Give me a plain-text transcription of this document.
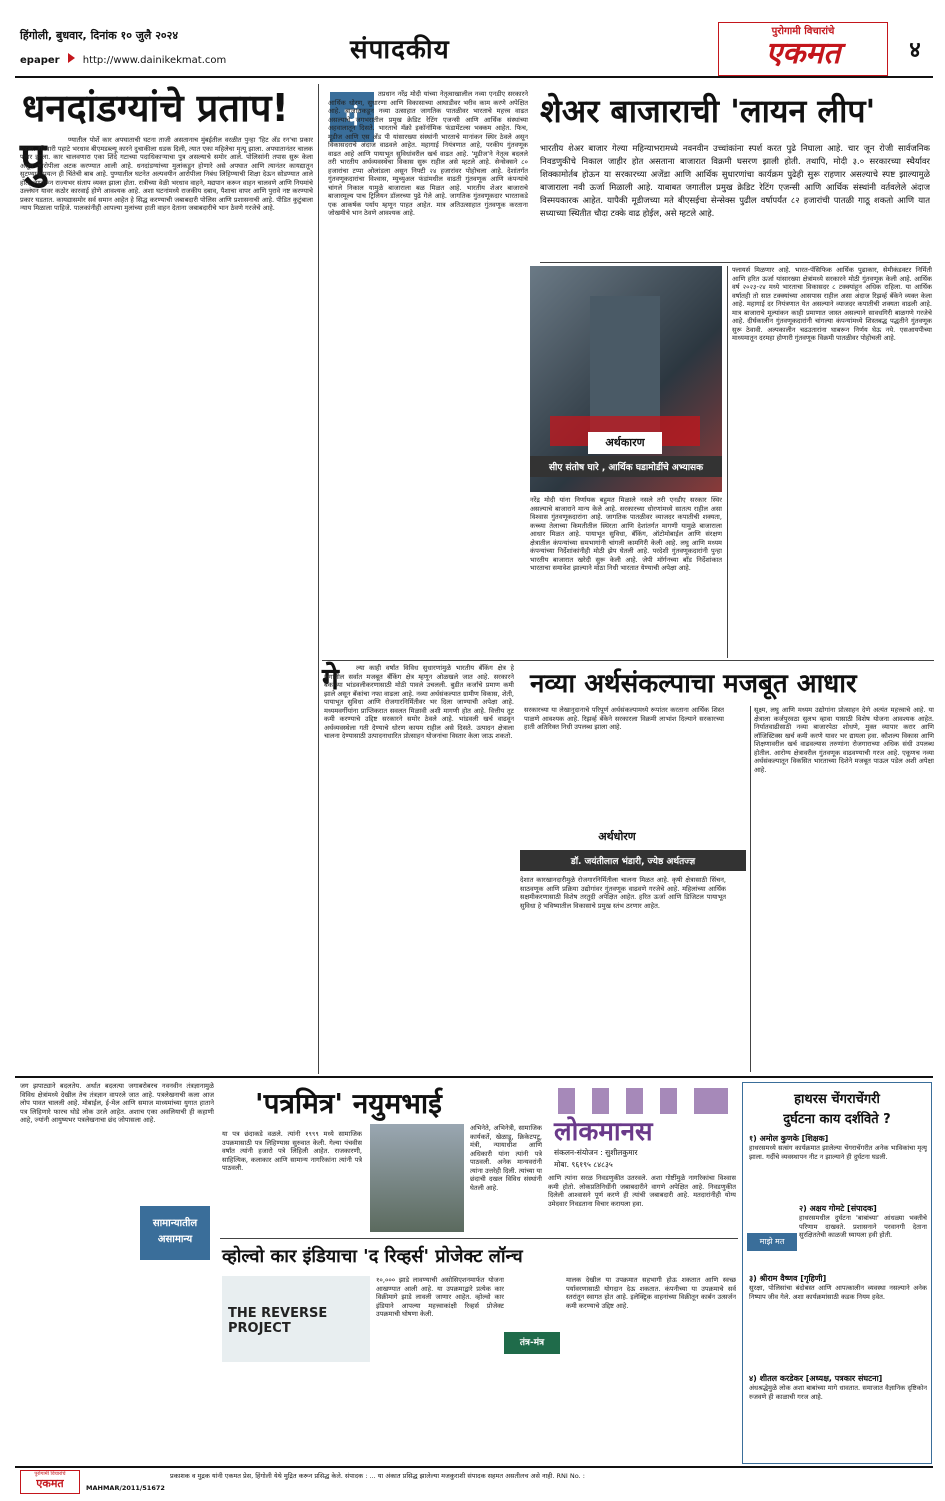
हिंगोली, बुधवार, दिनांक १० जुलै २०२४
epaper http://www.dainikekmat.com	संपादकीय
पुरोगामी विचारांचे
एकमत	४
धनदांडग्यांचे प्रताप!
पु	ण्यातील पोर्शे कार अपघाताची घटना ताजी असतानाच मुंबईतील वरळीत पुन्हा 'हिट अँड रन'चा प्रकार घडला. रविवारी पहाटे भरधाव बीएमडब्ल्यू कारने दुचाकीला धडक दिली, त्यात एका महिलेचा मृत्यू झाला. अपघातानंतर चालक फरार झाला. कार चालवणारा एका शिंदे गटाच्या पदाधिकाऱ्याचा पुत्र असल्याचे समोर आले. पोलिसांनी तपास सुरू केला असून आरोपीला अटक करण्यात आली आहे. धनदांडग्यांच्या मुलांकडून होणारे असे अपघात आणि त्यानंतर कायद्यातून सुटण्याचे प्रयत्न ही चिंतेची बाब आहे. पुण्यातील घटनेत अल्पवयीन आरोपीला निबंध लिहिण्याची शिक्षा देऊन सोडण्यात आले होते, त्यावरून राज्यभर संताप व्यक्त झाला होता. रात्रीच्या वेळी भरधाव वाहने, मद्यपान करून वाहन चालवणे आणि नियमांचे उल्लंघन यावर कठोर कारवाई होणे आवश्यक आहे. अशा घटनांमध्ये राजकीय दबाव, पैशाचा वापर आणि पुरावे नष्ट करण्याचे प्रकार घडतात. कायद्यासमोर सर्व समान आहेत हे सिद्ध करण्याची जबाबदारी पोलिस आणि प्रशासनाची आहे. पीडित कुटुंबाला न्याय मिळाला पाहिजे. पालकांनीही आपल्या मुलांच्या हाती वाहन देताना जबाबदारीचे भान ठेवणे गरजेचे आहे.
पं
तप्रधान नरेंद्र मोदी यांच्या नेतृत्वाखालील नव्या एनडीए सरकारने आर्थिक धोरण, सुधारणा आणि विकासाच्या आघाडीवर भरीव काम करणे अपेक्षित आहे. बाजाराकडून नव्या उत्साहात जागतिक पातळीवर भारताचे महत्त्व वाढत असल्याचे जगभरातील प्रमुख क्रेडिट रेटिंग एजन्सी आणि आर्थिक संस्थांच्या अहवालातून दिसते. भारताचे मॅक्रो इकॉनॉमिक फंडामेंटल्स भक्कम आहेत. फिच, मूडीज आणि एस अँड पी यांसारख्या संस्थांनी भारताचे मानांकन स्थिर ठेवले असून विकासदराचे अंदाज वाढवले आहेत. महागाई नियंत्रणात आहे, परकीय गुंतवणूक वाढत आहे आणि पायाभूत सुविधांवरील खर्च वाढत आहे. 'मूडीज'ने नेतृत्व बदलले तरी भारतीय अर्थव्यवस्थेचा विकास सुरू राहील असे म्हटले आहे. सेन्सेक्सने ८० हजारांचा टप्पा ओलांडला असून निफ्टी २४ हजारांवर पोहोचला आहे. देशांतर्गत गुंतवणूकदारांचा विश्वास, म्युच्युअल फंडांमधील वाढती गुंतवणूक आणि कंपन्यांचे चांगले निकाल यामुळे बाजाराला बळ मिळत आहे. भारतीय शेअर बाजाराचे बाजारमूल्य पाच ट्रिलियन डॉलरच्या पुढे गेले आहे. जागतिक गुंतवणूकदार भारताकडे एक आकर्षक पर्याय म्हणून पाहत आहेत. मात्र अतिउत्साहात गुंतवणूक करताना जोखमीचे भान ठेवणे आवश्यक आहे.
शेअर बाजाराची 'लायन लीप'
भारतीय शेअर बाजार गेल्या महिन्याभरामध्ये नवनवीन उच्चांकांना स्पर्श करत पुढे निघाला आहे. चार जून रोजी सार्वजनिक निवडणुकीचे निकाल जाहीर होत असताना बाजारात विक्रमी घसरण झाली होती. तथापि, मोदी ३.० सरकारच्या स्थैर्यावर शिक्कामोर्तब होऊन या सरकारच्या अजेंडा आणि आर्थिक सुधारणांचा कार्यक्रम पुढेही सुरू राहणार असल्याचे स्पष्ट झाल्यामुळे बाजाराला नवी ऊर्जा मिळाली आहे. याबाबत जगातील प्रमुख क्रेडिट रेटिंग एजन्सी आणि आर्थिक संस्थांनी वर्तवलेले अंदाज विस्मयकारक आहेत. यापैकी मूडीजच्या मते बीएसईचा सेन्सेक्स पुढील वर्षापर्यंत ८२ हजारांची पातळी गाठू शकतो आणि यात सध्याच्या स्थितीत चौदा टक्के वाढ होईल, असे म्हटले आहे.
अर्थकारण
सीए संतोष घारे , आर्थिक घडामोडींचे अभ्यासक
नरेंद्र मोदी यांना निर्णायक बहुमत मिळाले नसले तरी एनडीए सरकार स्थिर असल्याचे बाजाराने मान्य केले आहे. सरकारच्या धोरणांमध्ये सातत्य राहील असा विश्वास गुंतवणूकदारांना आहे. जागतिक पातळीवर व्याजदर कपातीची शक्यता, कच्च्या तेलाच्या किमतीतील स्थिरता आणि देशांतर्गत मागणी यामुळे बाजाराला आधार मिळत आहे. पायाभूत सुविधा, बँकिंग, ऑटोमोबाईल आणि संरक्षण क्षेत्रातील कंपन्यांच्या समभागांनी चांगली कामगिरी केली आहे. लघु आणि मध्यम कंपन्यांच्या निर्देशांकांनीही मोठी झेप घेतली आहे. परदेशी गुंतवणूकदारांनी पुन्हा भारतीय बाजारात खरेदी सुरू केली आहे. जेपी मॉर्गनच्या बाँड निर्देशांकात भारताचा समावेश झाल्याने मोठा निधी भारतात येण्याची अपेक्षा आहे.
फ्लायर्स मिळणार आहे. भारत-पॅसिफिक आर्थिक पुढाकार, सेमीकंडक्टर निर्मिती आणि हरित ऊर्जा यांसारख्या क्षेत्रांमध्ये सरकारने मोठी गुंतवणूक केली आहे. आर्थिक वर्ष २०२३-२४ मध्ये भारताचा विकासदर ८ टक्क्यांहून अधिक राहिला. या आर्थिक वर्षातही तो सात टक्क्यांच्या आसपास राहील असा अंदाज रिझर्व्ह बँकेने व्यक्त केला आहे. महागाई दर नियंत्रणात येत असल्याने व्याजदर कपातीची शक्यता वाढली आहे. मात्र बाजाराचे मूल्यांकन काही प्रमाणात जास्त असल्याने सावधगिरी बाळगणे गरजेचे आहे. दीर्घकालीन गुंतवणूकदारांनी चांगल्या कंपन्यांमध्ये शिस्तबद्ध पद्धतीने गुंतवणूक सुरू ठेवावी. अल्पकालीन चढउतारांना घाबरून निर्णय घेऊ नये. एसआयपीच्या माध्यमातून दरमहा होणारी गुंतवणूक विक्रमी पातळीवर पोहोचली आहे.
गे	ल्या काही वर्षांत विविध सुधारणांमुळे भारतीय बँकिंग क्षेत्र हे जगातील सर्वात मजबूत बँकिंग क्षेत्र म्हणून ओळखले जात आहे. सरकारने बँकांच्या भांडवलीकरणासाठी मोठी पावले उचलली. बुडीत कर्जांचे प्रमाण कमी झाले असून बँकांचा नफा वाढला आहे. नव्या अर्थसंकल्पात ग्रामीण विकास, शेती, पायाभूत सुविधा आणि रोजगारनिर्मितीवर भर दिला जाण्याची अपेक्षा आहे. मध्यमवर्गीयांना प्राप्तिकरात सवलत मिळावी अशी मागणी होत आहे. वित्तीय तूट कमी करण्याचे उद्दिष्ट सरकारने समोर ठेवले आहे. भांडवली खर्च वाढवून अर्थव्यवस्थेला गती देण्याचे धोरण कायम राहील असे दिसते. उत्पादन क्षेत्राला चालना देण्यासाठी उत्पादनाधारित प्रोत्साहन योजनांचा विस्तार केला जाऊ शकतो.
नव्या अर्थसंकल्पाचा मजबूत आधार
सरकारच्या या लेखानुदानाचे परिपूर्ण अर्थसंकल्पामध्ये रूपांतर करताना आर्थिक शिस्त पाळणे आवश्यक आहे. रिझर्व्ह बँकेने सरकारला विक्रमी लाभांश दिल्याने सरकारच्या हाती अतिरिक्त निधी उपलब्ध झाला आहे.
अर्थधोरण
डॉ. जयंतीलाल भंडारी, ज्येष्ठ अर्थतज्ज्ञ
देशात कारखानदारीमुळे रोजगारनिर्मितीला चालना मिळत आहे. कृषी क्षेत्रासाठी सिंचन, साठवणूक आणि प्रक्रिया उद्योगांवर गुंतवणूक वाढवणे गरजेचे आहे. महिलांच्या आर्थिक सक्षमीकरणासाठी विशेष तरतुदी अपेक्षित आहेत. हरित ऊर्जा आणि डिजिटल पायाभूत सुविधा हे भविष्यातील विकासाचे प्रमुख स्तंभ ठरणार आहेत.
सूक्ष्म, लघु आणि मध्यम उद्योगांना प्रोत्साहन देणे अत्यंत महत्त्वाचे आहे. या क्षेत्राला कर्जपुरवठा सुलभ व्हावा यासाठी विशेष योजना आवश्यक आहेत. निर्यातवाढीसाठी नव्या बाजारपेठा शोधणे, मुक्त व्यापार करार आणि लॉजिस्टिक्स खर्च कमी करणे यावर भर द्यायला हवा. कौशल्य विकास आणि शिक्षणावरील खर्च वाढवल्यास तरुणांना रोजगाराच्या अधिक संधी उपलब्ध होतील. आरोग्य क्षेत्रावरील गुंतवणूक वाढवण्याची गरज आहे. एकूणच नव्या अर्थसंकल्पातून विकसित भारताच्या दिशेने मजबूत पाऊल पडेल अशी अपेक्षा आहे.
जग झपाट्याने बदलतेय. अर्थात बदलत्या जगाबरोबरच नवनवीन तंत्रज्ञानामुळे विविध क्षेत्रांमध्ये देखील तेच तंत्रज्ञान वापरले जात आहे. पत्रलेखनाची कला आज लोप पावत चालली आहे. मोबाईल, ई-मेल आणि समाज माध्यमांच्या युगात हाताने पत्र लिहिणारे फारच थोडे लोक उरले आहेत. अशाच एका अवलियाची ही कहाणी आहे, ज्यांनी आयुष्यभर पत्रलेखनाचा छंद जोपासला आहे.
सामान्यातील
असामान्य
'पत्रमित्र' नयुमभाई
या पत्र छंदाकडे वळले. त्यांनी १९९९ मध्ये सामाजिक उपक्रमासाठी पत्र लिहिण्यास सुरुवात केली. गेल्या पंचवीस वर्षांत त्यांनी हजारो पत्रे लिहिली आहेत. राजकारणी, साहित्यिक, कलाकार आणि सामान्य नागरिकांना त्यांनी पत्रे पाठवली.
अभिनेते, अभिनेत्री, सामाजिक कार्यकर्ते, खेळाडू, क्रिकेटपटू, मंत्री, न्यायाधीश आणि अधिकारी यांना त्यांनी पत्रे पाठवली. अनेक मान्यवरांनी त्यांना उत्तरेही दिली. त्यांच्या या छंदाची दखल विविध संस्थांनी घेतली आहे.
लोकमानस
संकलन-संयोजन : सुशीलकुमार
मोबा. ९६१९५ ८४८३५
आणि त्यांना सरळ निवडणुकीत उतरवले. अशा गोष्टींमुळे नागरिकांचा विश्वास कमी होतो. लोकप्रतिनिधींनी जबाबदारीने वागणे अपेक्षित आहे. निवडणुकीत दिलेली आश्वासने पूर्ण करणे ही त्यांची जबाबदारी आहे. मतदारांनीही योग्य उमेदवार निवडताना विचार करायला हवा.
हाथरस चेंगराचेंगरी
दुर्घटना काय दर्शविते ?
माझे मत
१) अमोल कुणके [शिक्षक]
हाथरसमध्ये सत्संग कार्यक्रमात झालेल्या चेंगराचेंगरीत अनेक भाविकांचा मृत्यू झाला. गर्दीचे व्यवस्थापन नीट न झाल्याने ही दुर्घटना घडली.
२) अक्षय गोमटे [संपादक]
हाथरसमधील दुर्घटना 'बाबांच्या' आंधळ्या भक्तीचे परिणाम दाखवते. प्रशासनाने परवानगी देताना सुरक्षिततेची काळजी घ्यायला हवी होती.
३) श्रीराम वैष्णव [गृहिणी]
सुरक्षा, पोलिसांचा बंदोबस्त आणि आपत्कालीन व्यवस्था नसल्याने अनेक निष्पाप जीव गेले. अशा कार्यक्रमांसाठी कडक नियम हवेत.
४) शीतल करडेकर [अध्यक्ष, पत्रकार संघटना]
अंधश्रद्धेमुळे लोक अशा बाबांच्या मागे धावतात. समाजात वैज्ञानिक दृष्टिकोन रुजवणे ही काळाची गरज आहे.
व्होल्वो कार इंडियाचा 'द रिव्हर्स' प्रोजेक्ट लॉन्च
THE REVERSE PROJECT
१०,००० झाडे लावण्याची असोसिएशनमार्फत योजना आखण्यात आली आहे. या उपक्रमाद्वारे प्रत्येक कार विक्रीमागे झाडे लावली जाणार आहेत. व्होल्वो कार इंडियाने आपल्या महत्त्वाकांक्षी रिव्हर्स प्रोजेक्ट उपक्रमाची घोषणा केली.
तंत्र-मंत्र
मालक देखील या उपक्रमात सहभागी होऊ शकतात आणि स्वच्छ पर्यावरणासाठी योगदान देऊ शकतात. कंपनीच्या या उपक्रमाचे सर्व स्तरांतून स्वागत होत आहे. इलेक्ट्रिक वाहनांच्या विक्रीतून कार्बन उत्सर्जन कमी करण्याचे उद्दिष्ट आहे.
पुरोगामी विचारांचे
एकमत	MAHMAR/2011/51672
प्रकाशक व मुद्रक यांनी एकमत प्रेस, हिंगोली येथे मुद्रित करून प्रसिद्ध केले. संपादक : ... या अंकात प्रसिद्ध झालेल्या मजकुराशी संपादक सहमत असतीलच असे नाही. RNI No. :
